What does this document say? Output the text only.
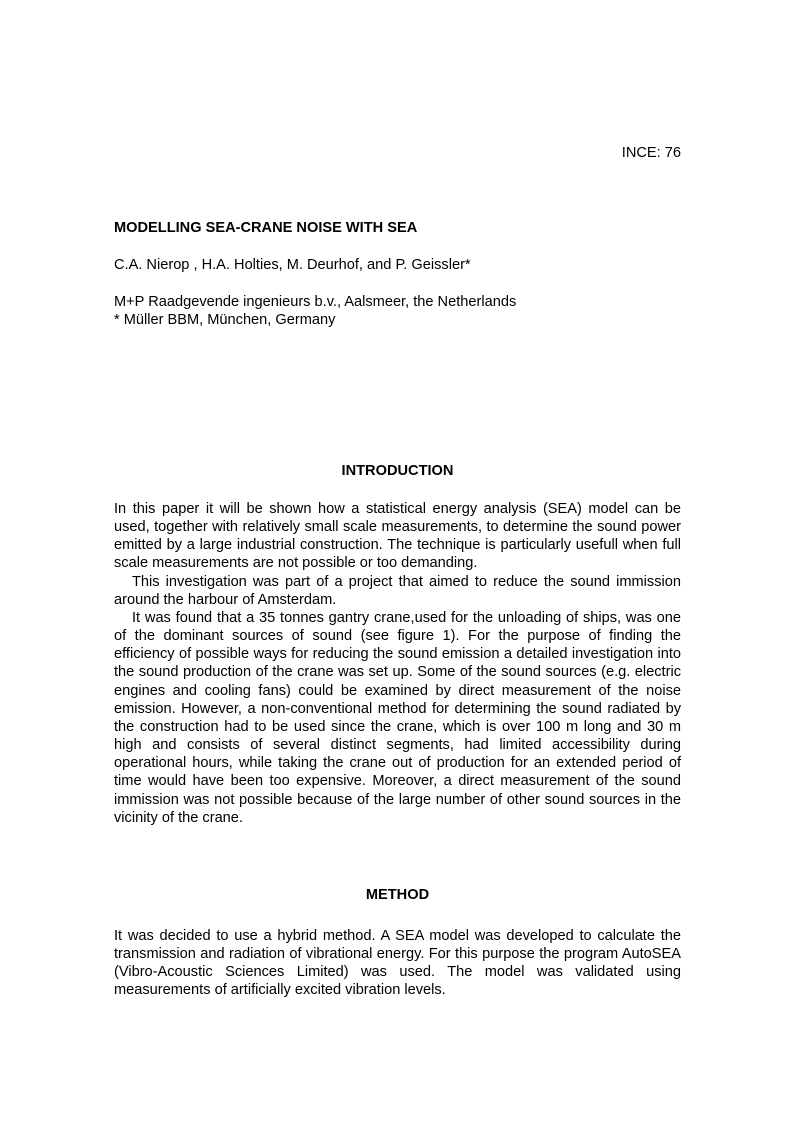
INCE: 76
MODELLING SEA-CRANE NOISE WITH SEA
C.A. Nierop , H.A. Holties, M. Deurhof, and P. Geissler*
M+P Raadgevende ingenieurs b.v., Aalsmeer, the Netherlands
* Müller BBM, München, Germany
INTRODUCTION

In this paper it will be shown how a statistical energy analysis (SEA) model can be used, together with relatively small scale measurements, to determine the sound power emitted by a large industrial construction. The technique is particularly usefull when full scale measurements are not possible or too demanding.

This investigation was part of a project that aimed to reduce the sound immission around the harbour of Amsterdam.

It was found that a 35 tonnes gantry crane,used for the unloading of ships, was one of the dominant sources of sound (see figure 1). For the purpose of finding the efficiency of possible ways for reducing the sound emission a detailed investigation into the sound production of the crane was set up. Some of the sound sources (e.g. electric engines and cooling fans) could be examined by direct measurement of the noise emission. However, a non-conventional method for determining the sound radiated by the construction had to be used since the crane, which is over 100 m long and 30 m high and consists of several distinct segments, had limited accessibility during operational hours, while taking the crane out of production for an extended period of time would have been too expensive. Moreover, a direct measurement of the sound immission was not possible because of the large number of other sound sources in the vicinity of the crane.

METHOD

It was decided to use a hybrid method. A SEA model was developed to calculate the transmission and radiation of vibrational energy. For this purpose the program AutoSEA (Vibro-Acoustic Sciences Limited) was used. The model was validated using measurements of artificially excited vibration levels.
